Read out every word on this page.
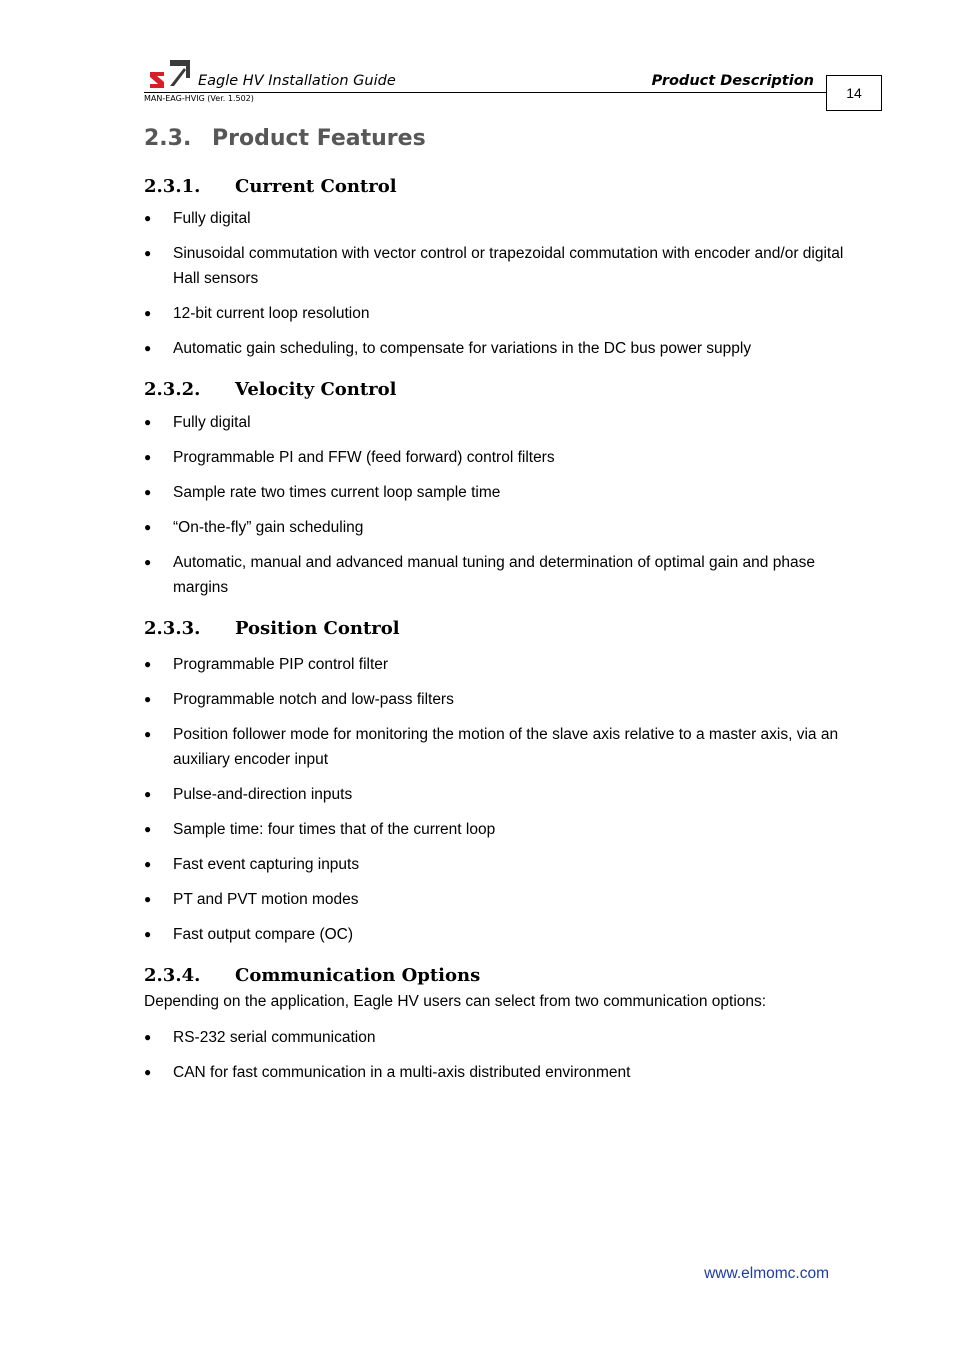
Eagle HV Installation Guide	Product Description
MAN-EAG-HVIG (Ver. 1.502)	14
2.3. Product Features
2.3.1. Current Control
● Fully digital
● Sinusoidal commutation with vector control or trapezoidal commutation with encoder and/or digital Hall sensors
● 12-bit current loop resolution
● Automatic gain scheduling, to compensate for variations in the DC bus power supply
2.3.2. Velocity Control
● Fully digital
● Programmable PI and FFW (feed forward) control filters
● Sample rate two times current loop sample time
● “On-the-fly” gain scheduling
● Automatic, manual and advanced manual tuning and determination of optimal gain and phase margins
2.3.3. Position Control
● Programmable PIP control filter
● Programmable notch and low-pass filters
● Position follower mode for monitoring the motion of the slave axis relative to a master axis, via an auxiliary encoder input
● Pulse-and-direction inputs
● Sample time: four times that of the current loop
● Fast event capturing inputs
● PT and PVT motion modes
● Fast output compare (OC)
2.3.4. Communication Options

Depending on the application, Eagle HV users can select from two communication options:

● RS-232 serial communication
● CAN for fast communication in a multi-axis distributed environment
www.elmomc.com
